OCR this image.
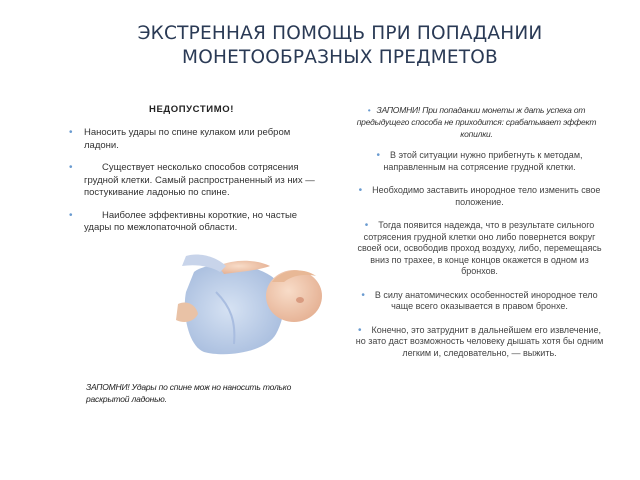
ЭКСТРЕННАЯ ПОМОЩЬ ПРИ ПОПАДАНИИ
МОНЕТООБРАЗНЫХ ПРЕДМЕТОВ
НЕДОПУСТИМО!
• Наносить удары по спине кулаком или ребром ладони.
•	Существует несколько способов сотрясения грудной клетки. Самый распространенный из них — постукивание ладонью по спине.
•	Наиболее эффективны короткие, но частые удары по межлопаточной области.
ЗАПОМНИ! Удары по спине мож но наносить только раскрытой ладонью.
• ЗАПОМНИ! При попадании монеты ж дать успеха от предыдущего способа не приходится: срабатывает эффект копилки.
• В этой ситуации нужно прибегнуть к методам, направленным на сотрясение грудной клетки.
• Необходимо заставить инородное тело изменить свое положение.
• Тогда появится надежда, что в результате сильного сотрясения грудной клетки оно либо повернется вокруг своей оси, освободив проход воздуху, либо, перемещаясь вниз по трахее, в конце концов окажется в одном из бронхов.
• В силу анатомических особенностей инородное тело чаще всего оказывается в правом бронхе.
• Конечно, это затруднит в дальнейшем его извлечение, но зато даст возможность человеку дышать хотя бы одним легким и, следовательно, — выжить.
